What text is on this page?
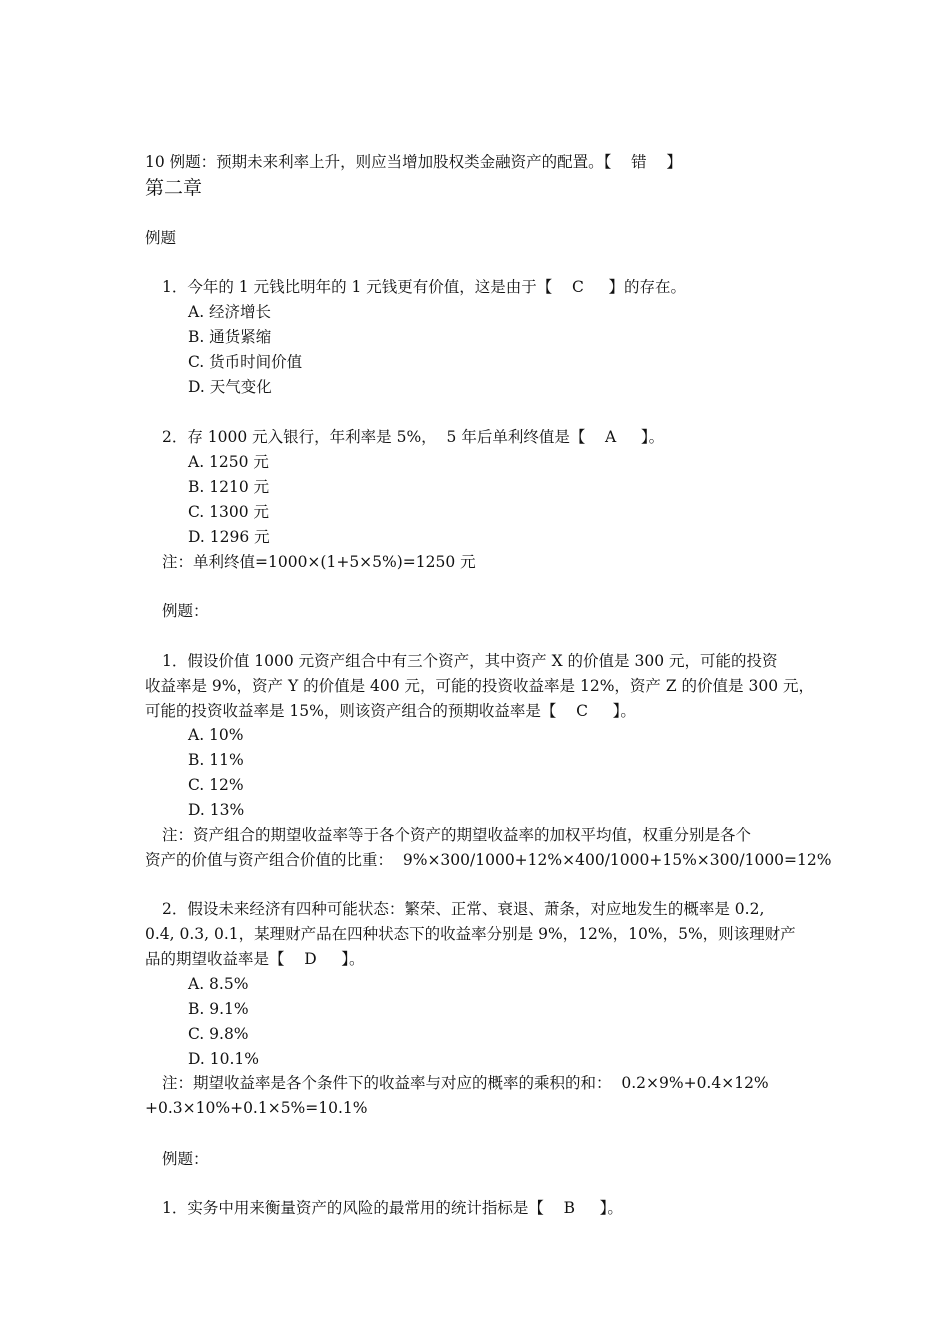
10 例题：预期未来利率上升，则应当增加股权类金融资产的配置。【    错    】
第二章
例题
1．今年的 1 元钱比明年的 1 元钱更有价值，这是由于【    C     】的存在。
A. 经济增长
B. 通货紧缩
C. 货币时间价值
D. 天气变化
2．存 1000 元入银行，年利率是 5%，  5 年后单利终值是【    A     】。
A. 1250 元
B. 1210 元
C. 1300 元
D. 1296 元
注：单利终值=1000×(1+5×5%)=1250 元
例题：
1．假设价值 1000 元资产组合中有三个资产，其中资产 X 的价值是 300 元，可能的投资
收益率是 9%，资产 Y 的价值是 400 元，可能的投资收益率是 12%，资产 Z 的价值是 300 元，
可能的投资收益率是 15%，则该资产组合的预期收益率是【    C     】。
A. 10%
B. 11%
C. 12%
D. 13%
注：资产组合的期望收益率等于各个资产的期望收益率的加权平均值，权重分别是各个
资产的价值与资产组合价值的比重：  9%×300/1000+12%×400/1000+15%×300/1000=12%
2．假设未来经济有四种可能状态：繁荣、正常、衰退、萧条，对应地发生的概率是 0.2,
0.4, 0.3, 0.1，某理财产品在四种状态下的收益率分别是 9%，12%，10%，5%，则该理财产
品的期望收益率是【    D     】。
A. 8.5%
B. 9.1%
C. 9.8%
D. 10.1%
注：期望收益率是各个条件下的收益率与对应的概率的乘积的和：  0.2×9%+0.4×12%
+0.3×10%+0.1×5%=10.1%
例题：
1．实务中用来衡量资产的风险的最常用的统计指标是【    B     】。
